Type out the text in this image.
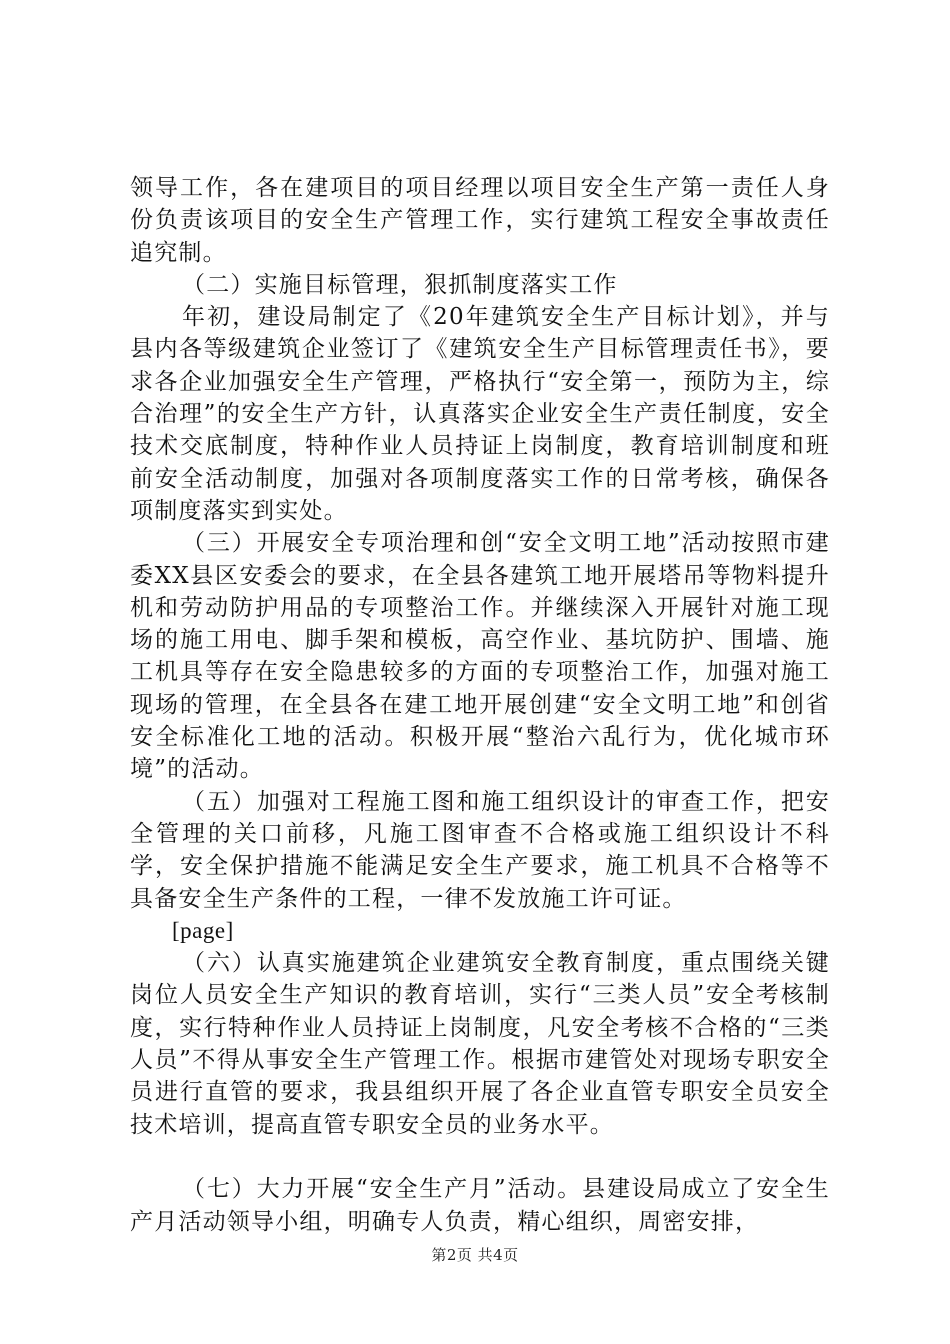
领导工作，各在建项目的项目经理以项目安全生产第一责任人身份负责该项目的安全生产管理工作，实行建筑工程安全事故责任追究制。

（二）实施目标管理，狠抓制度落实工作

年初，建设局制定了《20年建筑安全生产目标计划》，并与县内各等级建筑企业签订了《建筑安全生产目标管理责任书》，要求各企业加强安全生产管理，严格执行“安全第一，预防为主，综合治理”的安全生产方针，认真落实企业安全生产责任制度，安全技术交底制度，特种作业人员持证上岗制度，教育培训制度和班前安全活动制度，加强对各项制度落实工作的日常考核，确保各项制度落实到实处。

（三）开展安全专项治理和创“安全文明工地”活动按照市建委XX县区安委会的要求，在全县各建筑工地开展塔吊等物料提升机和劳动防护用品的专项整治工作。并继续深入开展针对施工现场的施工用电、脚手架和模板，高空作业、基坑防护、围墙、施工机具等存在安全隐患较多的方面的专项整治工作，加强对施工现场的管理，在全县各在建工地开展创建“安全文明工地”和创省安全标准化工地的活动。积极开展“整治六乱行为，优化城市环境”的活动。

（五）加强对工程施工图和施工组织设计的审查工作，把安全管理的关口前移，凡施工图审查不合格或施工组织设计不科学，安全保护措施不能满足安全生产要求，施工机具不合格等不具备安全生产条件的工程，一律不发放施工许可证。

[page]

（六）认真实施建筑企业建筑安全教育制度，重点围绕关键岗位人员安全生产知识的教育培训，实行“三类人员”安全考核制度，实行特种作业人员持证上岗制度，凡安全考核不合格的“三类人员”不得从事安全生产管理工作。根据市建管处对现场专职安全员进行直管的要求，我县组织开展了各企业直管专职安全员安全技术培训，提高直管专职安全员的业务水平。

（七）大力开展“安全生产月”活动。县建设局成立了安全生产月活动领导小组，明确专人负责，精心组织，周密安排，

第2页 共4页
